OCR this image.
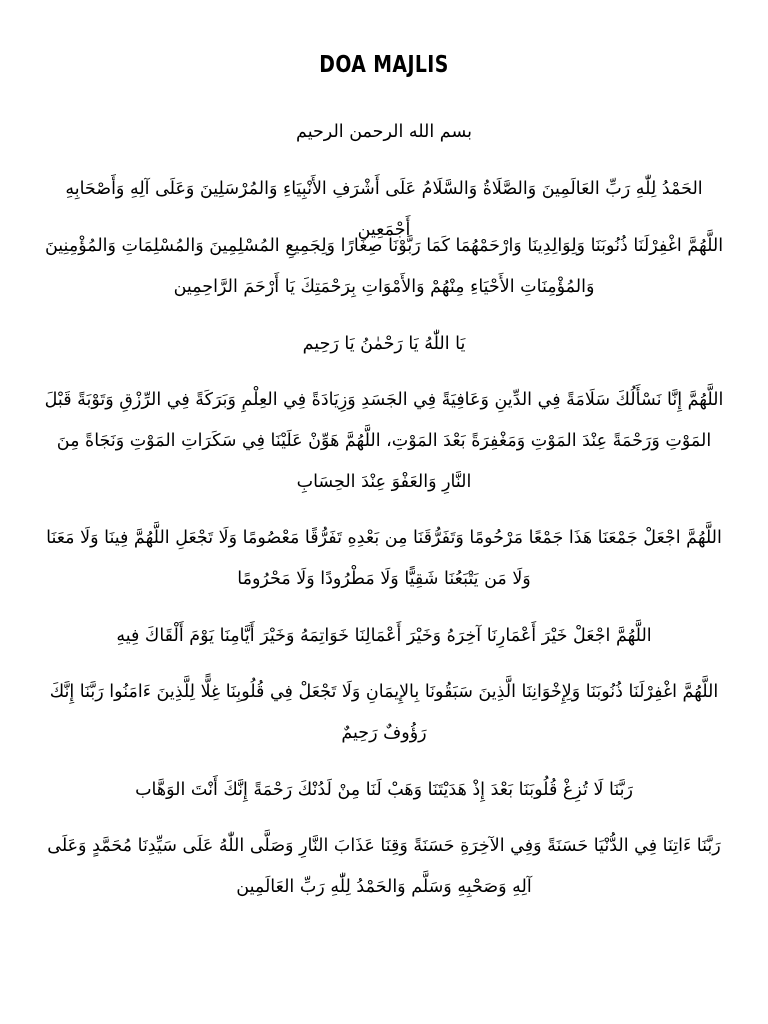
DOA MAJLIS
بسم الله الرحمن الرحيم
الحَمْدُ لِلّٰهِ رَبِّ العَالَمِينَ وَالصَّلَاةُ وَالسَّلَامُ عَلَى أَشْرَفِ الأَنْبِيَاءِ وَالمُرْسَلِينَ وَعَلَى آلِهِ وَأَصْحَابِهِ أَجْمَعِين
اللَّهُمَّ اغْفِرْلَنَا ذُنُوبَنَا وَلِوَالِدِينَا وَارْحَمْهُمَا كَمَا رَبَّوْنَا صِغَارًا وَلِجَمِيعِ المُسْلِمِينَ وَالمُسْلِمَاتِ وَالمُؤْمِنِينَ وَالمُؤْمِنَاتِ الأَحْيَاءِ مِنْهُمْ وَالأَمْوَاتِ بِرَحْمَتِكَ يَا أَرْحَمَ الرَّاحِمِين
يَا اللّٰهُ يَا رَحْمٰنُ يَا رَحِيم
اللَّهُمَّ إِنَّا نَسْأَلُكَ سَلَامَةً فِي الدِّينِ وَعَافِيَةً فِي الجَسَدِ وَزِيَادَةً فِي العِلْمِ وَبَرَكَةً فِي الرِّزْقِ وَتَوْبَةً قَبْلَ المَوْتِ وَرَحْمَةً عِنْدَ المَوْتِ وَمَغْفِرَةً بَعْدَ المَوْتِ، اللَّهُمَّ هَوِّنْ عَلَيْنَا فِي سَكَرَاتِ المَوْتِ وَنَجَاةً مِنَ النَّارِ وَالعَفْوَ عِنْدَ الحِسَابِ
اللَّهُمَّ اجْعَلْ جَمْعَنَا هَذَا جَمْعًا مَرْحُومًا وَتَفَرُّقَنَا مِن بَعْدِهِ تَفَرُّقًا مَعْصُومًا وَلَا تَجْعَلِ اللَّهُمَّ فِينَا وَلَا مَعَنَا وَلَا مَن يَتْبَعُنَا شَقِيًّا وَلَا مَطْرُودًا وَلَا مَحْرُومًا
اللَّهُمَّ اجْعَلْ خَيْرَ أَعْمَارِنَا آخِرَهُ وَخَيْرَ أَعْمَالِنَا خَوَاتِمَهُ وَخَيْرَ أَيَّامِنَا يَوْمَ أَلْقَاكَ فِيهِ
اللَّهُمَّ اغْفِرْلَنَا ذُنُوبَنَا وَلِإِخْوَانِنَا الَّذِينَ سَبَقُونَا بِالإِيمَانِ وَلَا تَجْعَلْ فِي قُلُوبِنَا غِلًّا لِلَّذِينَ ءَامَنُوا رَبَّنَا إِنَّكَ رَؤُوفٌ رَحِيمٌ
رَبَّنَا لَا تُزِغْ قُلُوبَنَا بَعْدَ إِذْ هَدَيْتَنَا وَهَبْ لَنَا مِنْ لَدُنْكَ رَحْمَةً إِنَّكَ أَنْتَ الوَهَّاب
رَبَّنَا ءَاتِنَا فِي الدُّنْيَا حَسَنَةً وَفِي الآخِرَةِ حَسَنَةً وَقِنَا عَذَابَ النَّارِ وَصَلَّى اللّٰهُ عَلَى سَيِّدِنَا مُحَمَّدٍ وَعَلَى آلِهِ وَصَحْبِهِ وَسَلَّم وَالحَمْدُ لِلّٰهِ رَبِّ العَالَمِين
